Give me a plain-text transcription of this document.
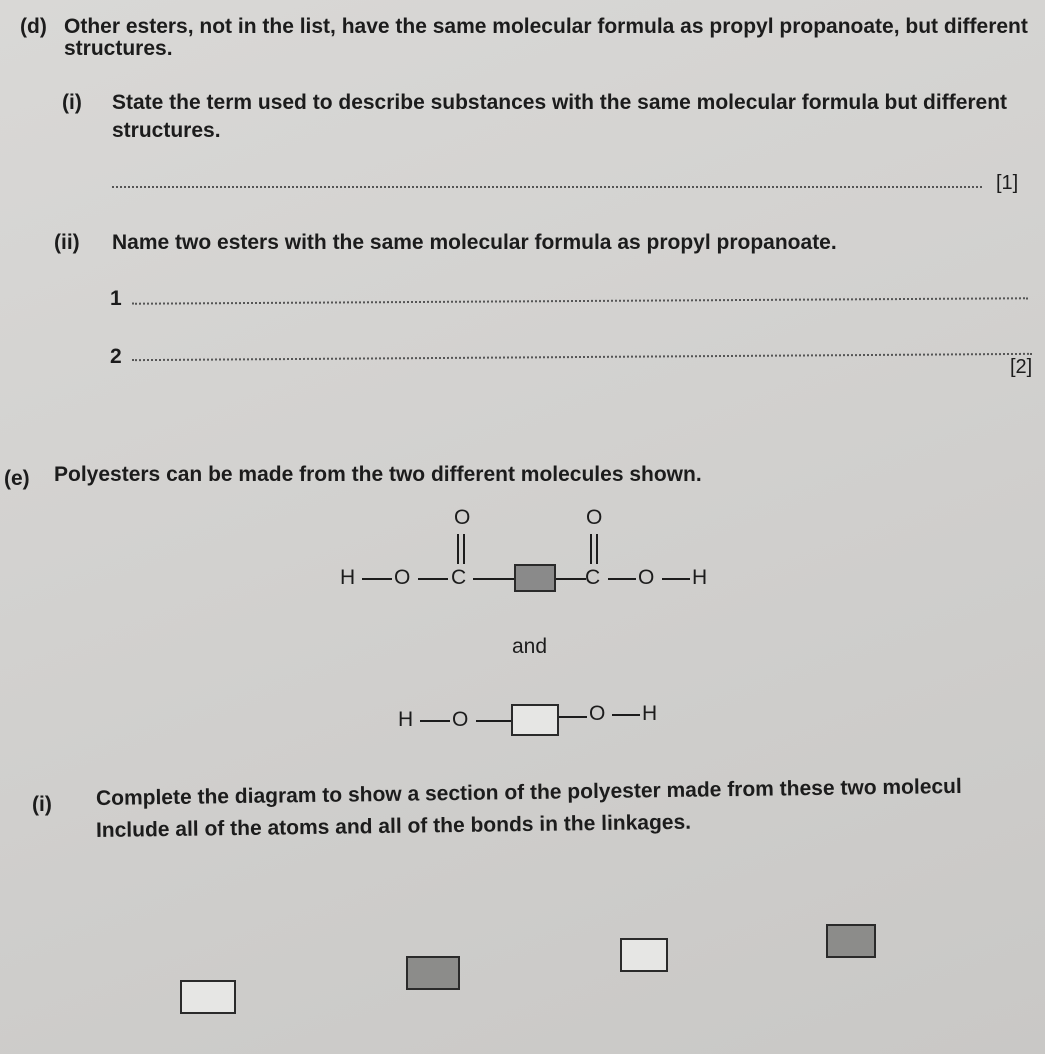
(d) Other esters, not in the list, have the same molecular formula as propyl propanoate, but different
structures.
(i) State the term used to describe substances with the same molecular formula but different
structures.
[1]
(ii) Name two esters with the same molecular formula as propyl propanoate.
1
2	[2]
(e) Polyesters can be made from the two different molecules shown.
H O C
O
C
O
O H
and
H O	O H
(i) Complete the diagram to show a section of the polyester made from these two molecul
Include all of the atoms and all of the bonds in the linkages.
